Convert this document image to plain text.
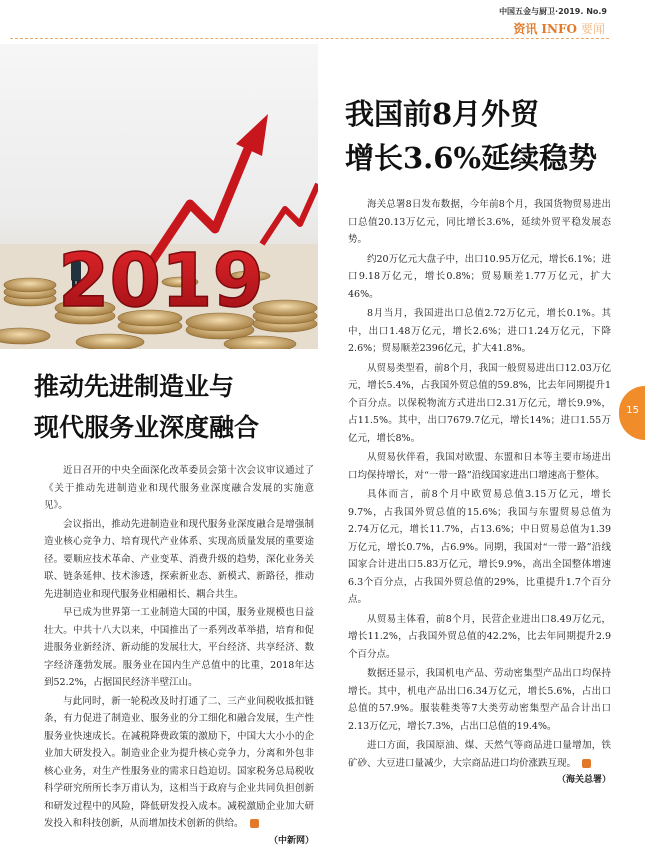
中国五金与厨卫·2019. No.9
资讯 INFO 要闻
2019
我国前8月外贸
增长3.6%延续稳势

海关总署8日发布数据，今年前8个月，我国货物贸易进出口总值20.13万亿元，同比增长3.6%，延续外贸平稳发展态势。

约20万亿元大盘子中，出口10.95万亿元，增长6.1%；进口9.18万亿元，增长0.8%；贸易顺差1.77万亿元，扩大46%。

8月当月，我国进出口总值2.72万亿元，增长0.1%。其中，出口1.48万亿元，增长2.6%；进口1.24万亿元，下降2.6%；贸易顺差2396亿元，扩大41.8%。

从贸易类型看，前8个月，我国一般贸易进出口12.03万亿元，增长5.4%，占我国外贸总值的59.8%，比去年同期提升1个百分点。以保税物流方式进出口2.31万亿元，增长9.9%，占11.5%。其中，出口7679.7亿元，增长14%；进口1.55万亿元，增长8%。

从贸易伙伴看，我国对欧盟、东盟和日本等主要市场进出口均保持增长，对“一带一路”沿线国家进出口增速高于整体。

具体而言，前8个月中欧贸易总值3.15万亿元，增长9.7%，占我国外贸总值的15.6%；我国与东盟贸易总值为2.74万亿元，增长11.7%，占13.6%；中日贸易总值为1.39万亿元，增长0.7%，占6.9%。同期，我国对“一带一路”沿线国家合计进出口5.83万亿元，增长9.9%，高出全国整体增速6.3个百分点，占我国外贸总值的29%，比重提升1.7个百分点。

从贸易主体看，前8个月，民营企业进出口8.49万亿元，增长11.2%，占我国外贸总值的42.2%，比去年同期提升2.9个百分点。

数据还显示，我国机电产品、劳动密集型产品出口均保持增长。其中，机电产品出口6.34万亿元，增长5.6%，占出口总值的57.9%。服装鞋类等7大类劳动密集型产品合计出口2.13万亿元，增长7.3%，占出口总值的19.4%。

进口方面，我国原油、煤、天然气等商品进口量增加，铁矿砂、大豆进口量减少，大宗商品进口均价涨跌互现。
（海关总署）

推动先进制造业与
现代服务业深度融合

近日召开的中央全面深化改革委员会第十次会议审议通过了《关于推动先进制造业和现代服务业深度融合发展的实施意见》。

会议指出，推动先进制造业和现代服务业深度融合是增强制造业核心竞争力、培育现代产业体系、实现高质量发展的重要途径。要顺应技术革命、产业变革、消费升级的趋势，深化业务关联、链条延伸、技术渗透，探索新业态、新模式、新路径，推动先进制造业和现代服务业相融相长、耦合共生。

早已成为世界第一工业制造大国的中国，服务业规模也日益壮大。中共十八大以来，中国推出了一系列改革举措，培育和促进服务业新经济、新动能的发展壮大，平台经济、共享经济、数字经济蓬勃发展。服务业在国内生产总值中的比重，2018年达到52.2%，占据国民经济半壁江山。

与此同时，新一轮税改及时打通了二、三产业间税收抵扣链条，有力促进了制造业、服务业的分工细化和融合发展，生产性服务业快速成长。在减税降费政策的激励下，中国大大小小的企业加大研发投入。制造业企业为提升核心竞争力，分离和外包非核心业务，对生产性服务业的需求日趋迫切。国家税务总局税收科学研究所所长李万甫认为，这相当于政府与企业共同负担创新和研发过程中的风险，降低研发投入成本。减税激励企业加大研发投入和科技创新，从而增加技术创新的供给。
（中新网）

15
